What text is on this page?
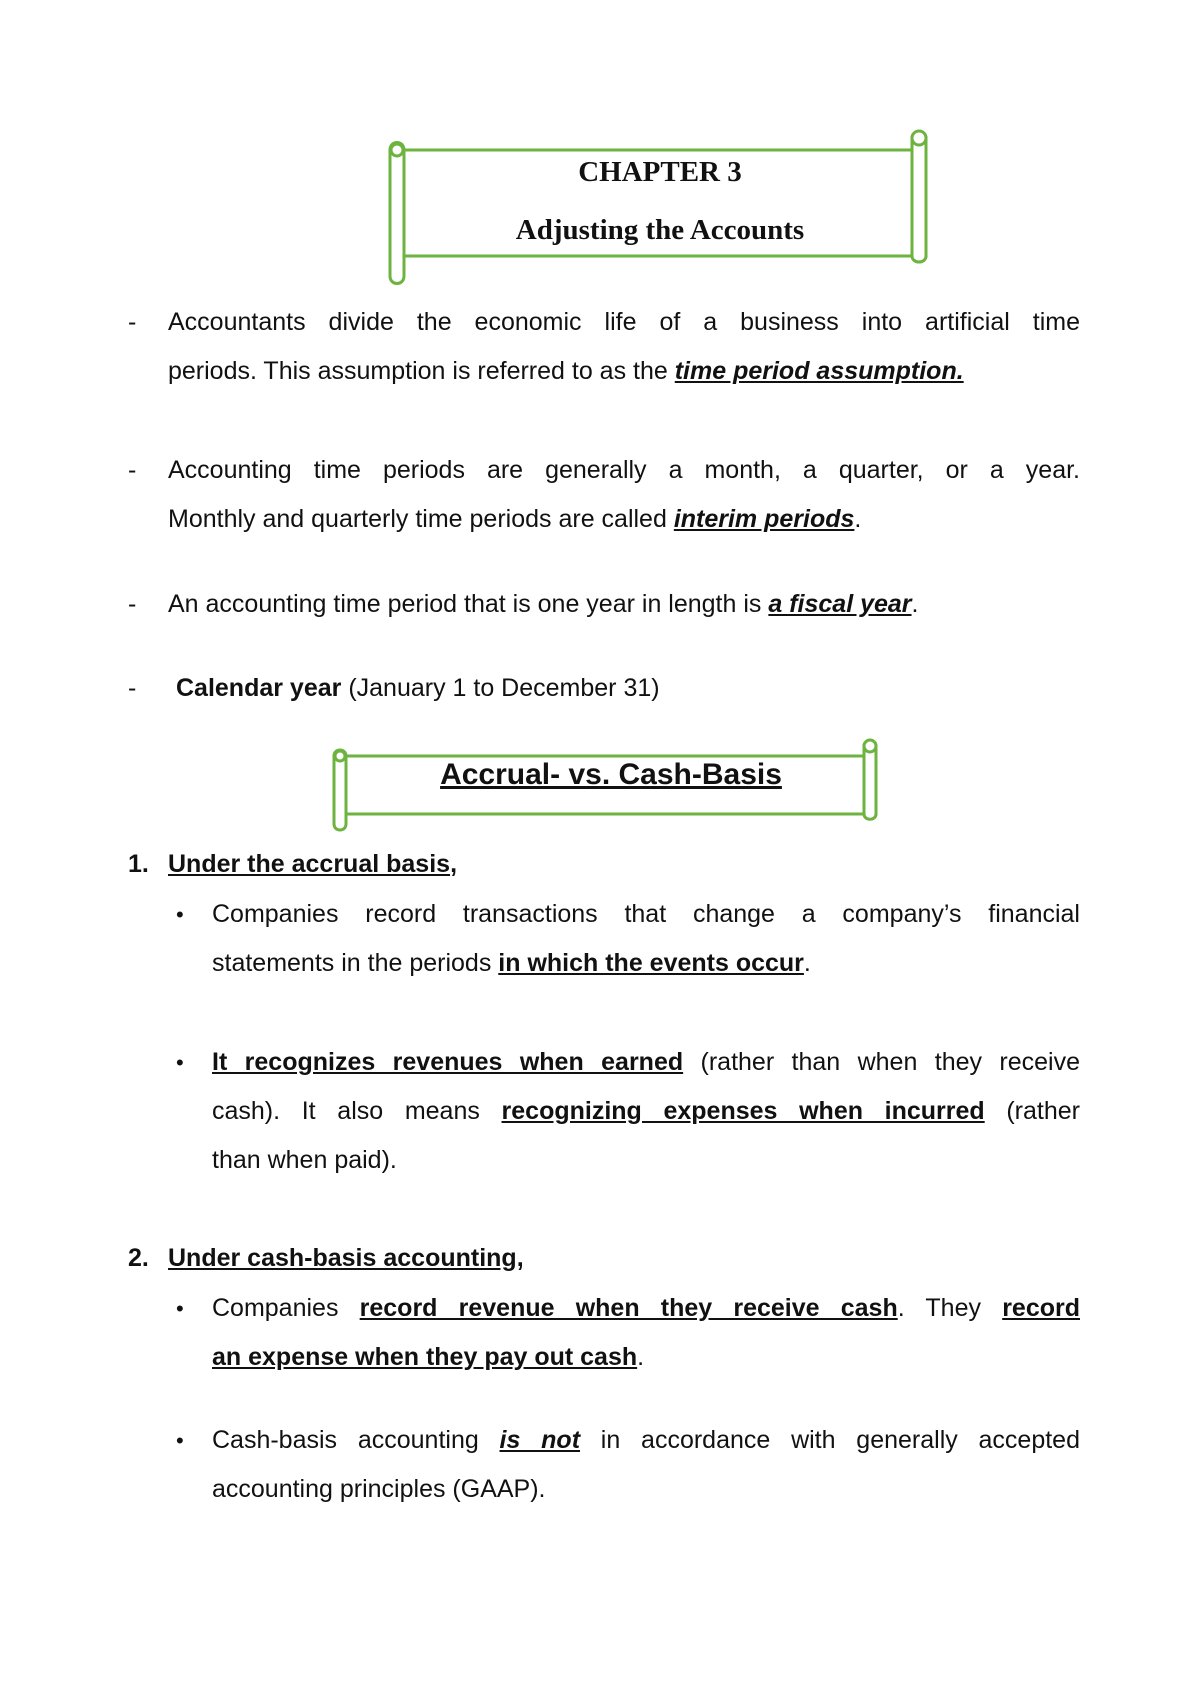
CHAPTER 3
Adjusting the Accounts
- Accountants divide the economic life of a business into artificial time
periods. This assumption is referred to as the time period assumption.
- Accounting time periods are generally a month, a quarter, or a year.
Monthly and quarterly time periods are called interim periods.
- An accounting time period that is one year in length is a fiscal year.
- Calendar year (January 1 to December 31)
Accrual- vs. Cash-Basis
1. Under the accrual basis,
• Companies record transactions that change a company’s financial
statements in the periods in which the events occur.
• It recognizes revenues when earned (rather than when they receive
cash). It also means recognizing expenses when incurred (rather
than when paid).
2. Under cash-basis accounting,
• Companies record revenue when they receive cash. They record
an expense when they pay out cash.
• Cash-basis accounting is not in accordance with generally accepted
accounting principles (GAAP).
